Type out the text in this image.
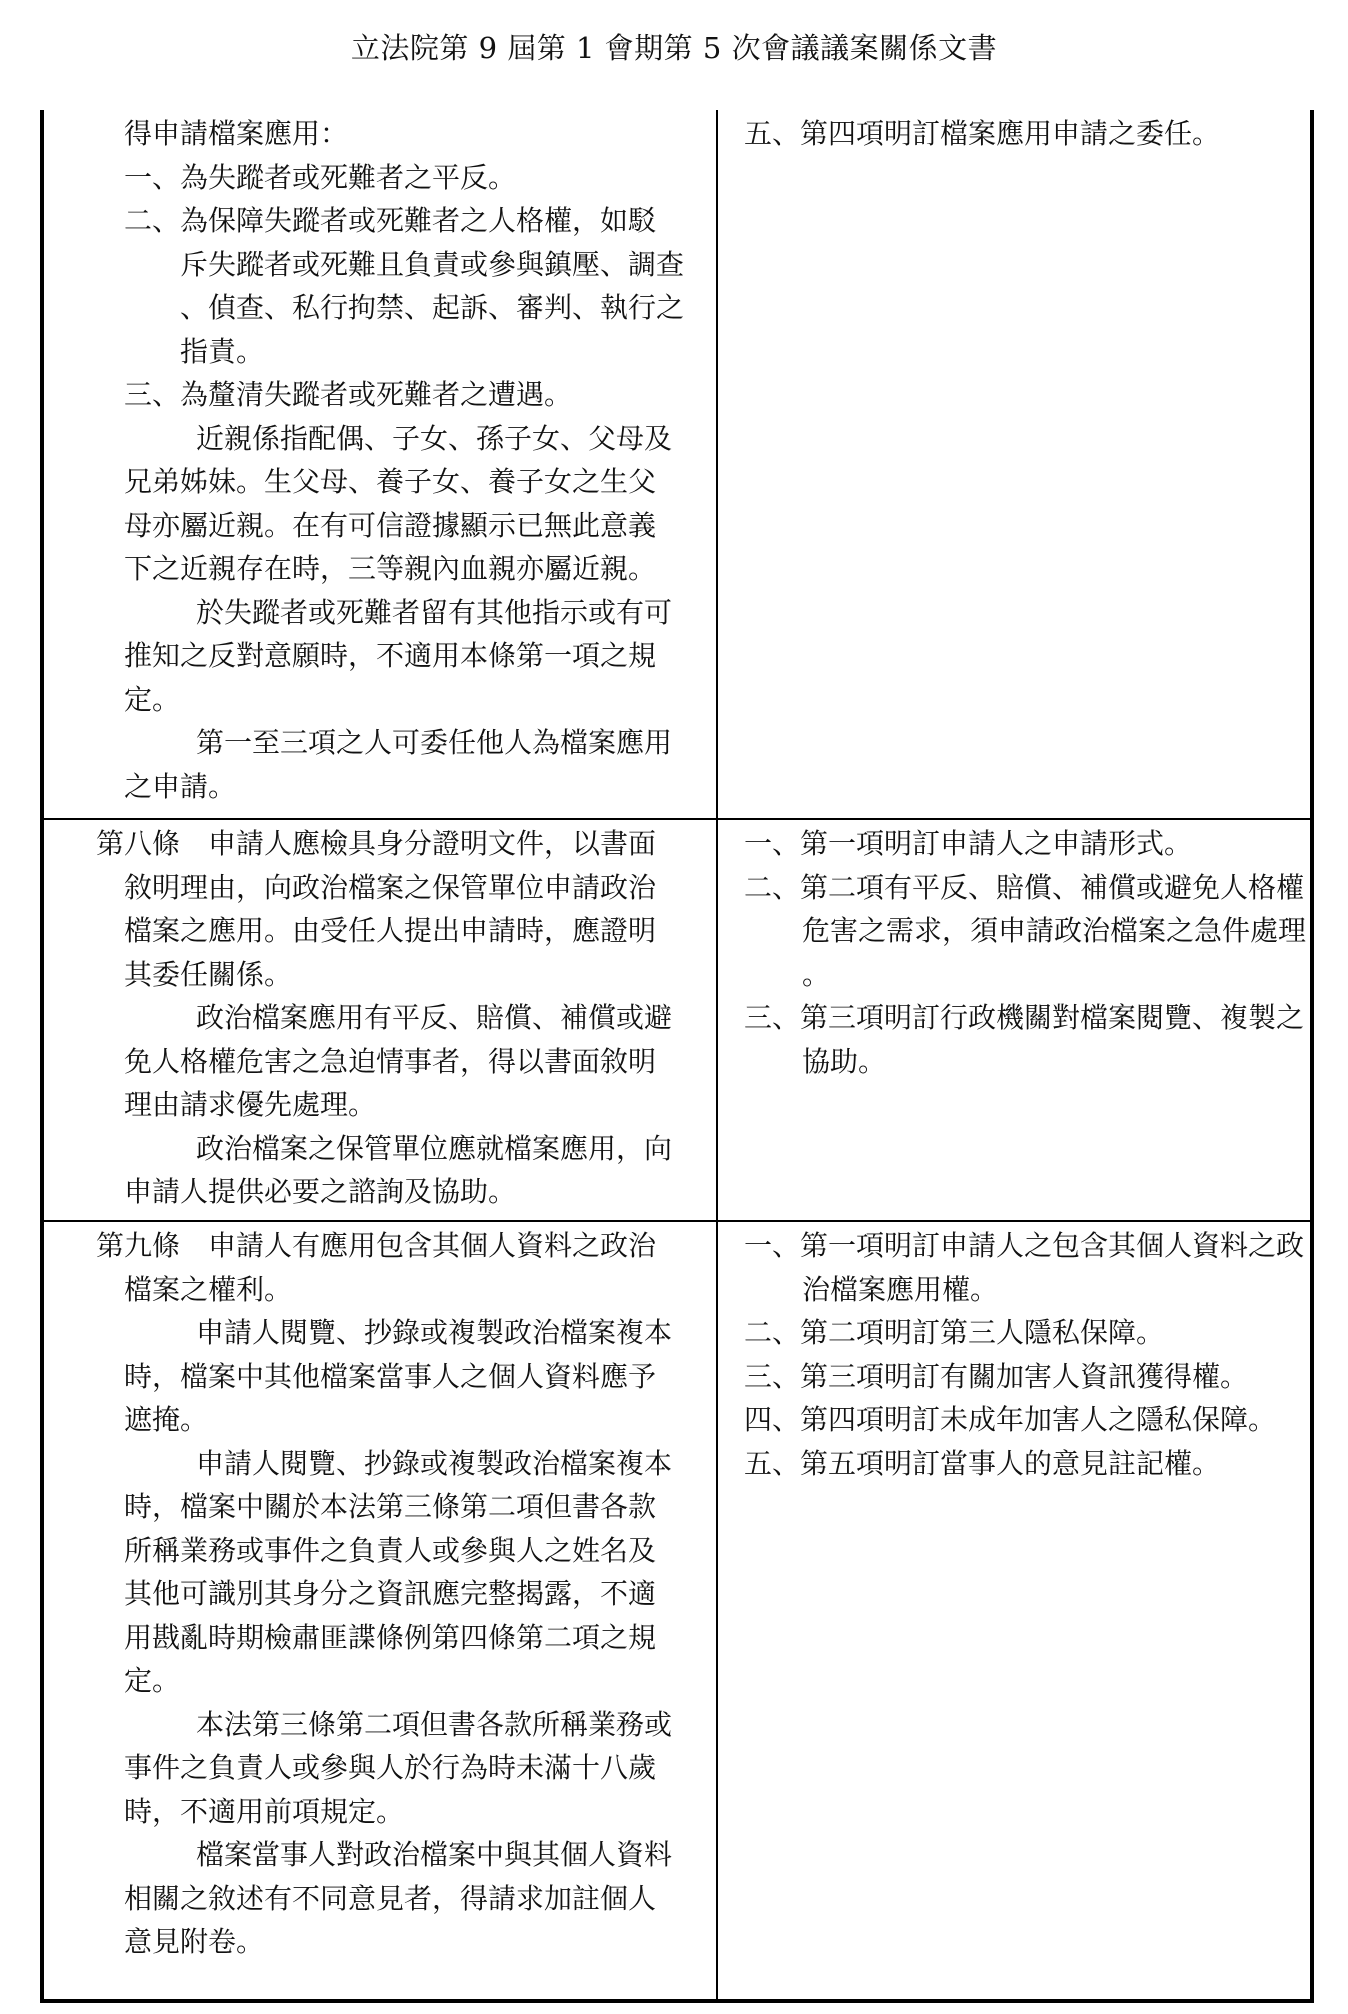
立法院第 9 屆第 1 會期第 5 次會議議案關係文書
得申請檔案應用：
一、為失蹤者或死難者之平反。
二、為保障失蹤者或死難者之人格權，如駁
斥失蹤者或死難且負責或參與鎮壓、調查
、偵查、私行拘禁、起訴、審判、執行之
指責。
三、為釐清失蹤者或死難者之遭遇。
近親係指配偶、子女、孫子女、父母及
兄弟姊妹。生父母、養子女、養子女之生父
母亦屬近親。在有可信證據顯示已無此意義
下之近親存在時，三等親內血親亦屬近親。
於失蹤者或死難者留有其他指示或有可
推知之反對意願時，不適用本條第一項之規
定。
第一至三項之人可委任他人為檔案應用
之申請。
五、第四項明訂檔案應用申請之委任。
第八條　申請人應檢具身分證明文件，以書面
敘明理由，向政治檔案之保管單位申請政治
檔案之應用。由受任人提出申請時，應證明
其委任關係。
政治檔案應用有平反、賠償、補償或避
免人格權危害之急迫情事者，得以書面敘明
理由請求優先處理。
政治檔案之保管單位應就檔案應用，向
申請人提供必要之諮詢及協助。
一、第一項明訂申請人之申請形式。
二、第二項有平反、賠償、補償或避免人格權
危害之需求，須申請政治檔案之急件處理
。
三、第三項明訂行政機關對檔案閱覽、複製之
協助。
第九條　申請人有應用包含其個人資料之政治
檔案之權利。
申請人閱覽、抄錄或複製政治檔案複本
時，檔案中其他檔案當事人之個人資料應予
遮掩。
申請人閱覽、抄錄或複製政治檔案複本
時，檔案中關於本法第三條第二項但書各款
所稱業務或事件之負責人或參與人之姓名及
其他可識別其身分之資訊應完整揭露，不適
用戡亂時期檢肅匪諜條例第四條第二項之規
定。
本法第三條第二項但書各款所稱業務或
事件之負責人或參與人於行為時未滿十八歲
時，不適用前項規定。
檔案當事人對政治檔案中與其個人資料
相關之敘述有不同意見者，得請求加註個人
意見附卷。
一、第一項明訂申請人之包含其個人資料之政
治檔案應用權。
二、第二項明訂第三人隱私保障。
三、第三項明訂有關加害人資訊獲得權。
四、第四項明訂未成年加害人之隱私保障。
五、第五項明訂當事人的意見註記權。
